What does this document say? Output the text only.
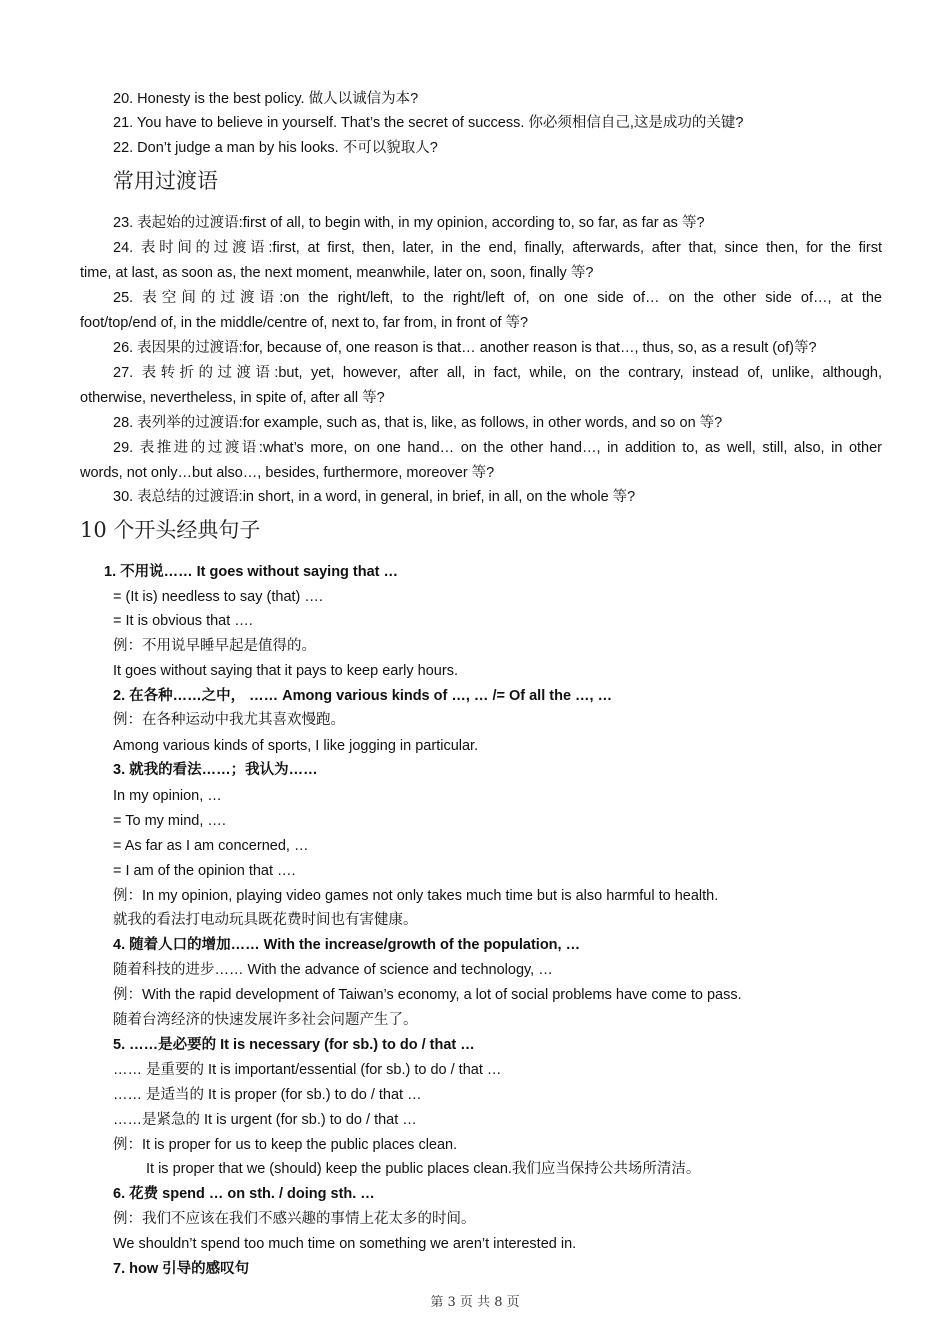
20. Honesty is the best policy. 做人以诚信为本?
21. You have to believe in yourself. That’s the secret of success. 你必须相信自己,这是成功的关键?
22. Don’t judge a man by his looks. 不可以貌取人?
常用过渡语
23. 表起始的过渡语:first of all, to begin with, in my opinion, according to, so far, as far as 等?
24. 表时间的过渡语:first, at first, then, later, in the end, finally, afterwards, after that, since then, for the first
time, at last, as soon as, the next moment, meanwhile, later on, soon, finally 等?
25. 表空间的过渡语:on the right/left, to the right/left of, on one side of… on the other side of…, at the
foot/top/end of, in the middle/centre of, next to, far from, in front of 等?
26. 表因果的过渡语:for, because of, one reason is that… another reason is that…, thus, so, as a result (of)等?
27. 表转折的过渡语:but, yet, however, after all, in fact, while, on the contrary, instead of, unlike, although,
otherwise, nevertheless, in spite of, after all 等?
28. 表列举的过渡语:for example, such as, that is, like, as follows, in other words, and so on 等?
29. 表推进的过渡语:what’s more, on one hand… on the other hand…, in addition to, as well, still, also, in other
words, not only…but also…, besides, furthermore, moreover 等?
30. 表总结的过渡语:in short, in a word, in general, in brief, in all, on the whole 等?
10 个开头经典句子
1. 不用说…… It goes without saying that …
= (It is) needless to say (that) ….
= It is obvious that ….
例：不用说早睡早起是值得的。
It goes without saying that it pays to keep early hours.
2. 在各种……之中， …… Among various kinds of …, … /= Of all the …, …
例：在各种运动中我尤其喜欢慢跑。
Among various kinds of sports, I like jogging in particular.
3. 就我的看法……；我认为……
In my opinion, …
= To my mind, ….
= As far as I am concerned, …
= I am of the opinion that ….
例：In my opinion, playing video games not only takes much time but is also harmful to health.
就我的看法打电动玩具既花费时间也有害健康。
4. 随着人口的增加…… With the increase/growth of the population, …
随着科技的进步…… With the advance of science and technology, …
例：With the rapid development of Taiwan’s economy, a lot of social problems have come to pass.
随着台湾经济的快速发展许多社会问题产生了。
5. ……是必要的 It is necessary (for sb.) to do / that …
…… 是重要的 It is important/essential (for sb.) to do / that …
…… 是适当的 It is proper (for sb.) to do / that …
……是紧急的 It is urgent (for sb.) to do / that …
例：It is proper for us to keep the public places clean.
It is proper that we (should) keep the public places clean.我们应当保持公共场所清洁。
6. 花费 spend … on sth. / doing sth. …
例：我们不应该在我们不感兴趣的事情上花太多的时间。
We shouldn’t spend too much time on something we aren’t interested in.
7. how 引导的感叹句
第 3 页 共 8 页
